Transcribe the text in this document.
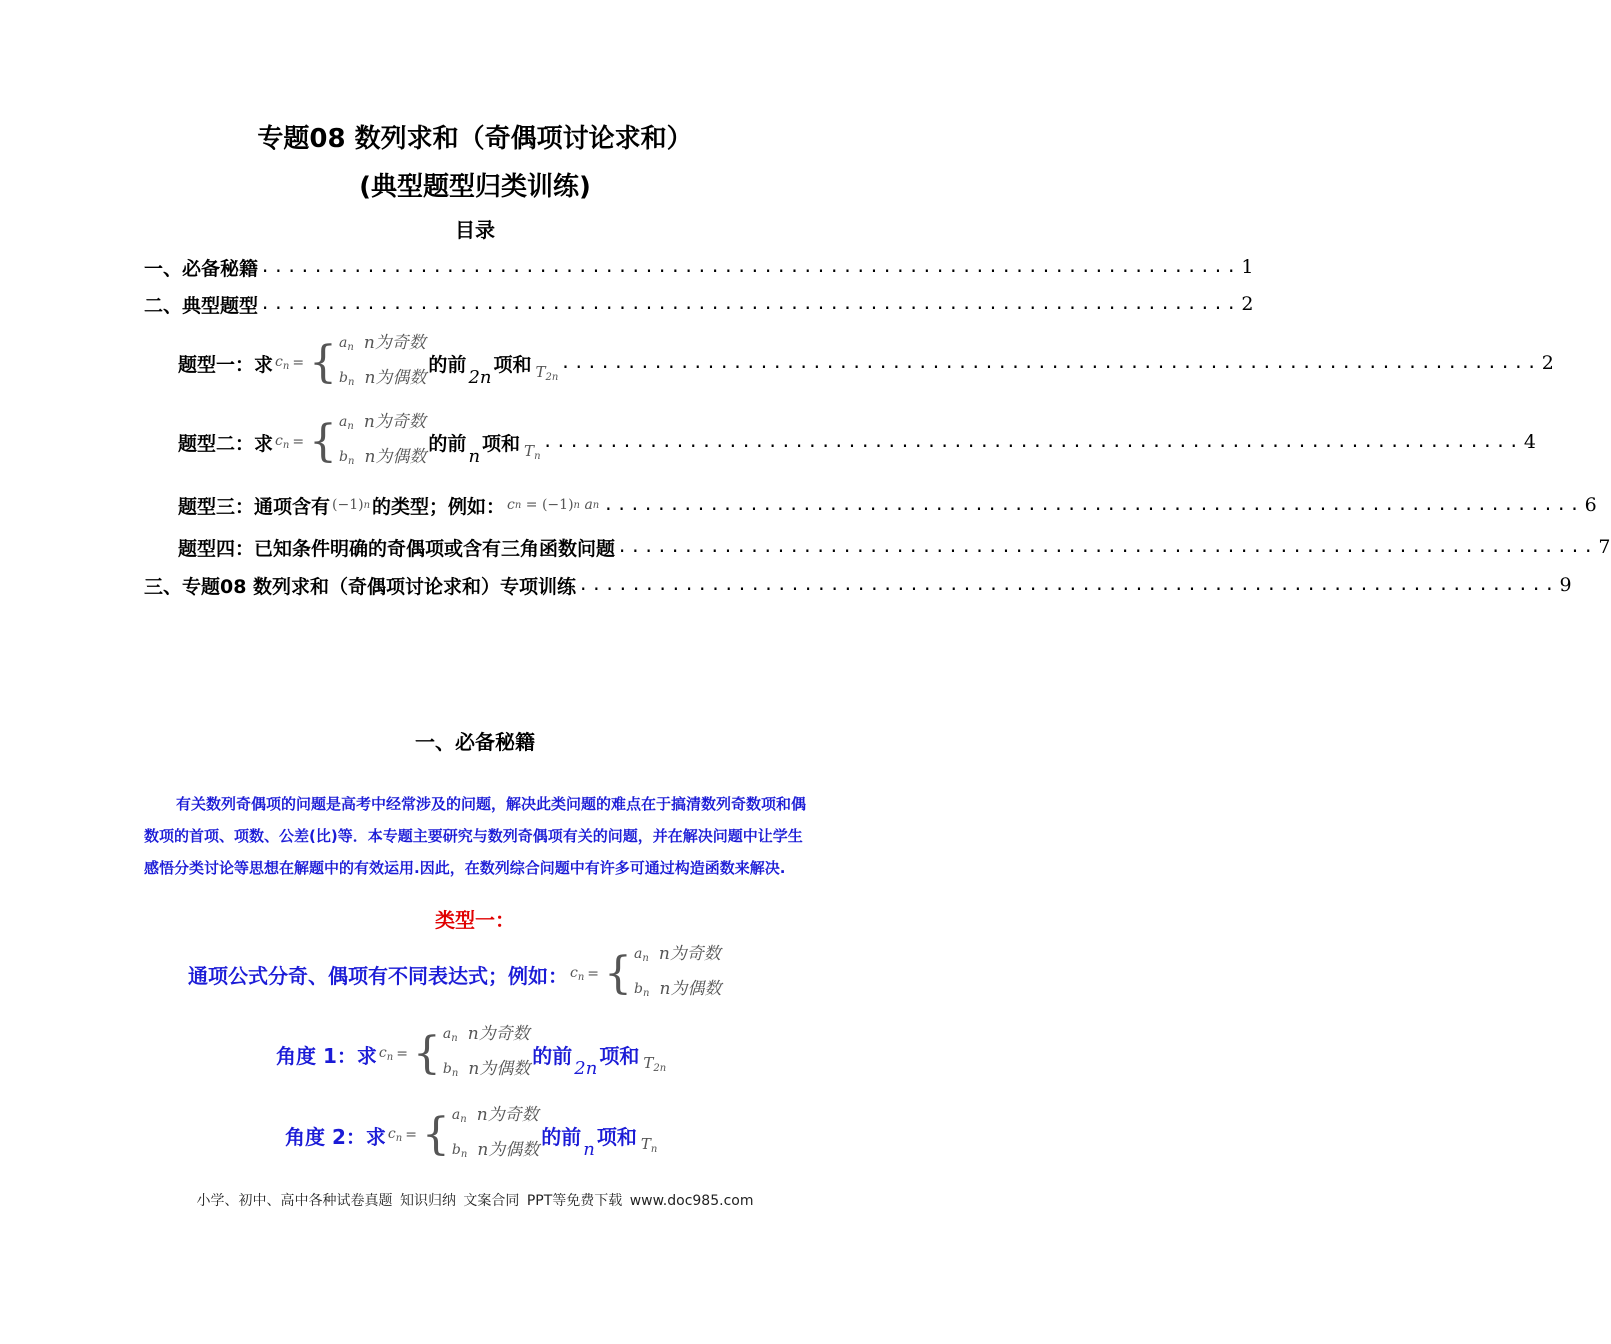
专题08 数列求和（奇偶项讨论求和）
(典型题型归类训练)
目录
一、必备秘籍 .......................................................................... 1
二、典型题型 .......................................................................... 2
题型一：求 $c_n$ = { $a_n$ n为奇数
$b_n$ n为偶数
的前
2n
项和 $T_{2n}$
.......................................................................... 2
题型二：求 $c_n$ = { $a_n$ n为奇数
$b_n$ n为偶数
的前
n
项和 $T_n$
.......................................................................... 4
题型三：通项含有 (−1) n 的类型；例如： c n = (−1) n a n .......................................................................... 6
题型四：已知条件明确的奇偶项或含有三角函数问题 .......................................................................... 7
三、专题08 数列求和（奇偶项讨论求和）专项训练 .......................................................................... 9
一、必备秘籍
有关数列奇偶项的问题是高考中经常涉及的问题，解决此类问题的难点在于搞清数列奇数项和偶数项的首项、项数、公差(比)等．本专题主要研究与数列奇偶项有关的问题，并在解决问题中让学生感悟分类讨论等思想在解题中的有效运用.因此，在数列综合问题中有许多可通过构造函数来解决.
类型一：
通项公式分奇、偶项有不同表达式；例如： $c_n$ = { $a_n$ n为奇数
$b_n$ n为偶数
角度 1：求 $c_n$ = { $a_n$ n为奇数
$b_n$ n为偶数
的前
2n
项和 $T_{2n}$
角度 2：求 $c_n$ = { $a_n$ n为奇数
$b_n$ n为偶数
的前
n
项和 $T_n$
小学、初中、高中各种试卷真题 知识归纳 文案合同 PPT等免费下载 www.doc985.com
